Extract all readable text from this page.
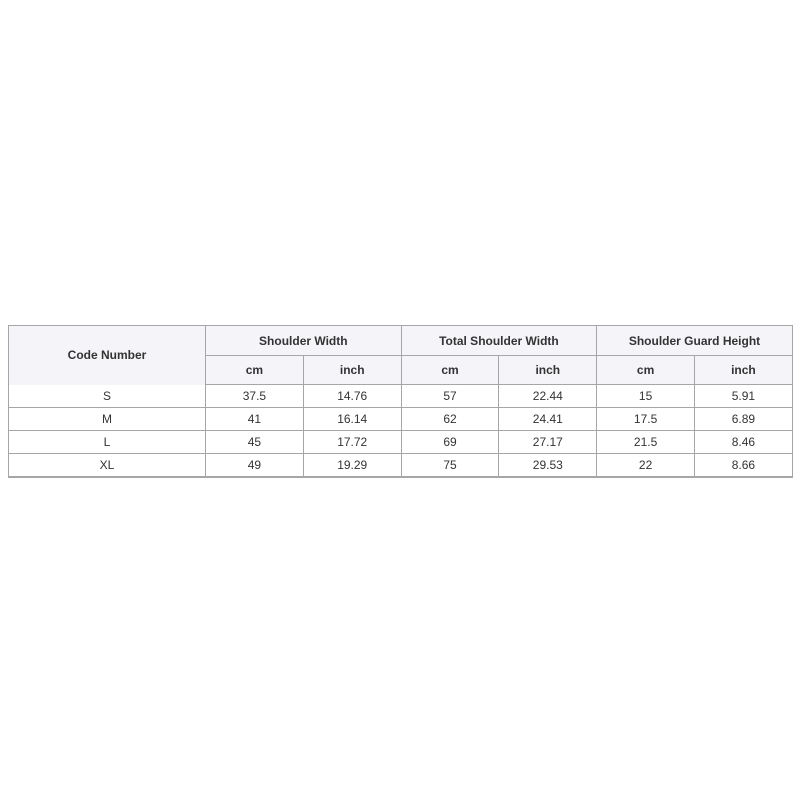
Code Number	Shoulder Width		Total Shoulder Width		Shoulder Guard Height	
	cm	inch	cm	inch	cm	inch
S	37.5	14.76	57	22.44	15	5.91
M	41	16.14	62	24.41	17.5	6.89
L	45	17.72	69	27.17	21.5	8.46
XL	49	19.29	75	29.53	22	8.66
